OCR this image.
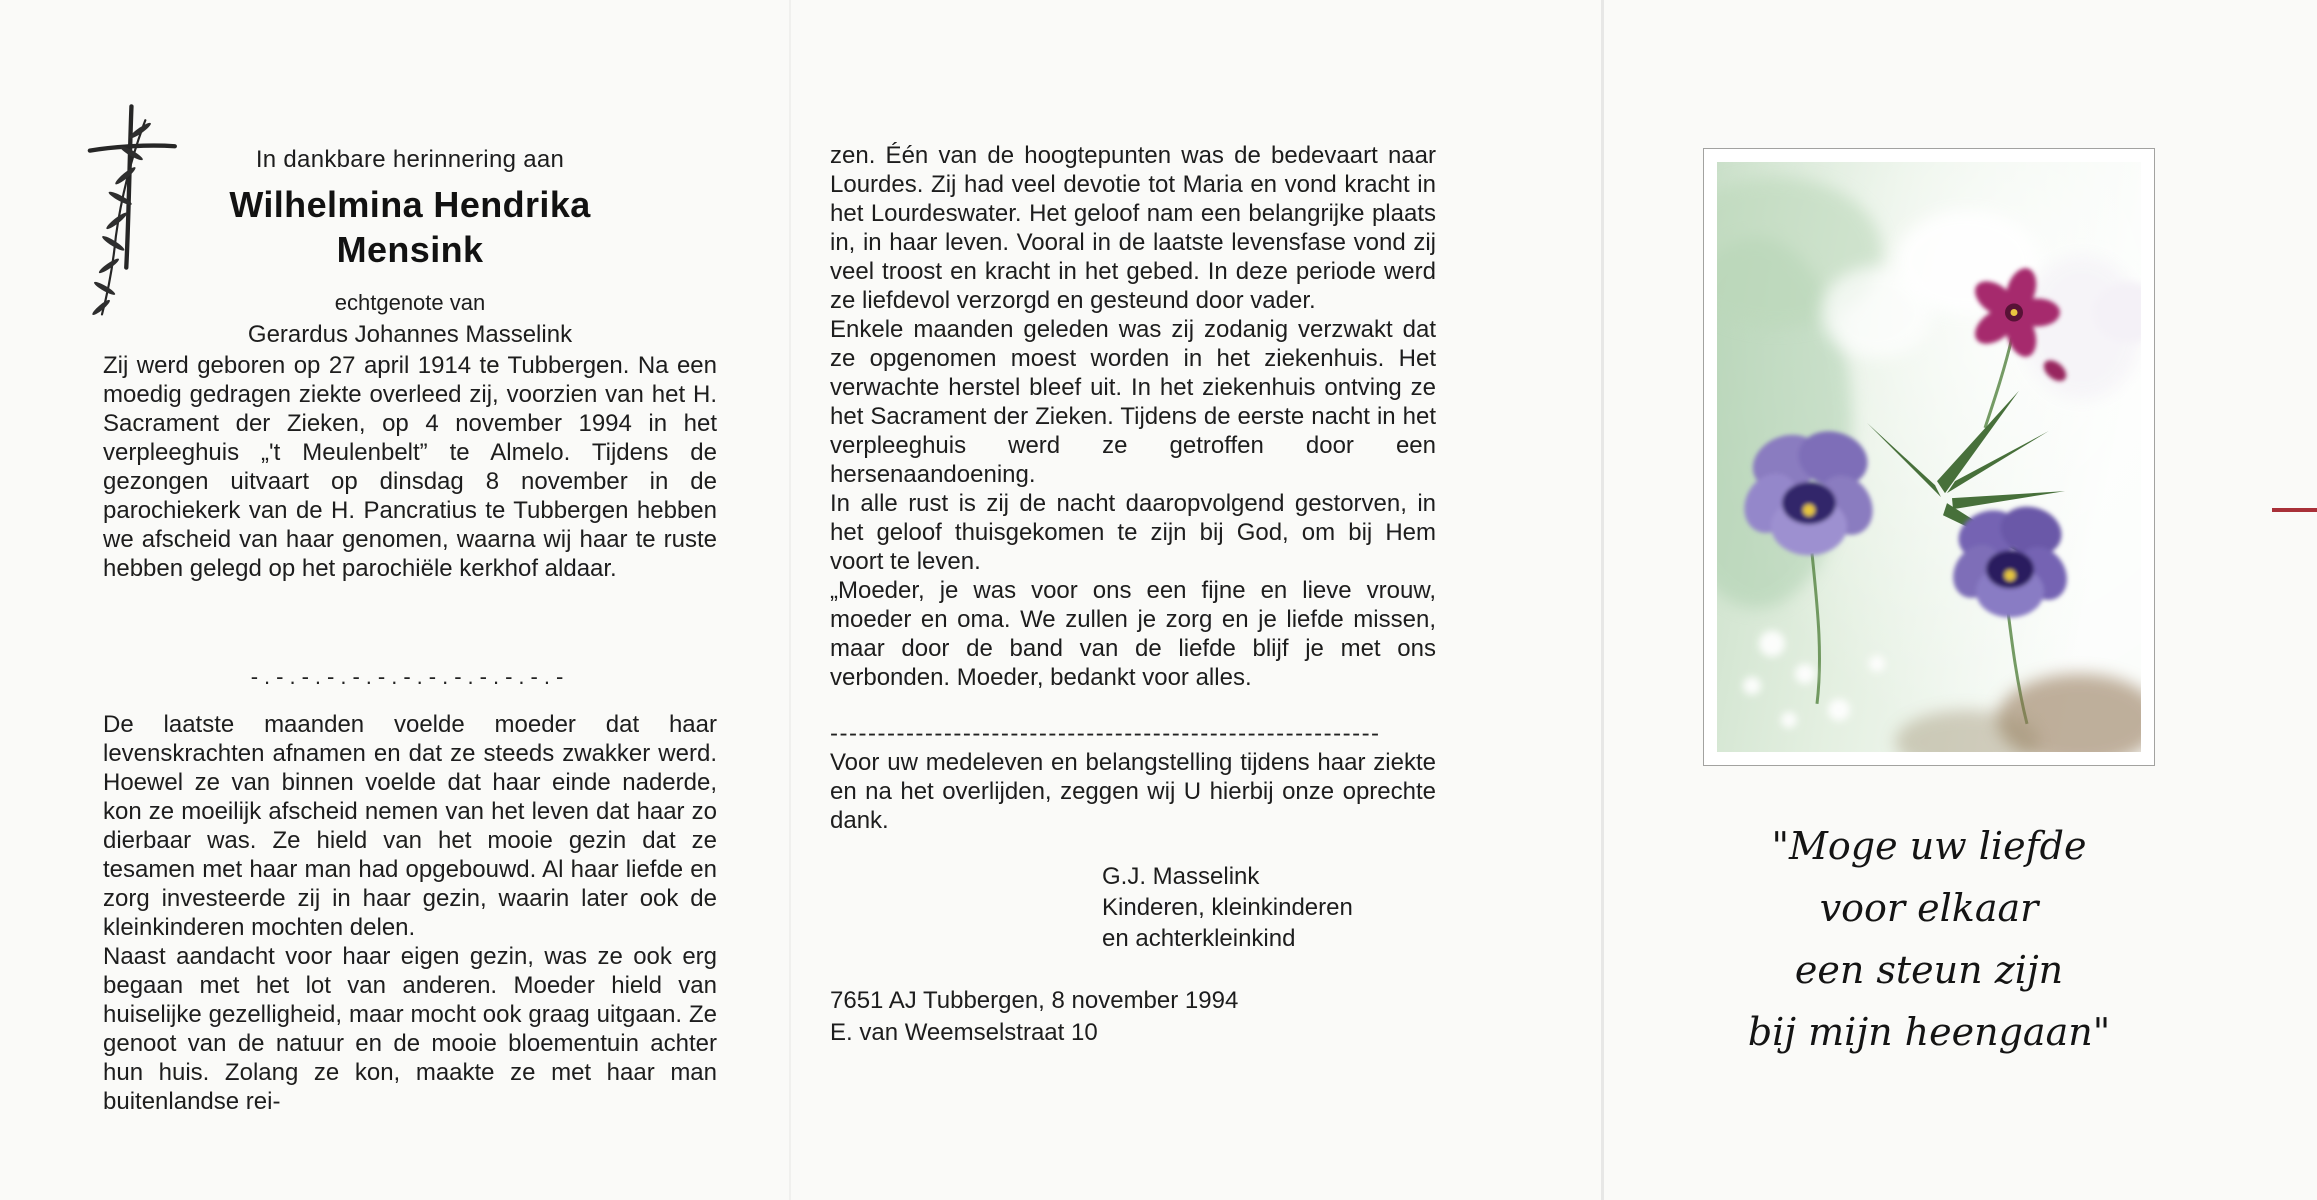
In dankbare herinnering aan
Wilhelmina Hendrika
Mensink
echtgenote van
Gerardus Johannes Masselink
Zij werd geboren op 27 april 1914 te Tubbergen. Na een moedig gedragen ziekte overleed zij, voorzien van het H. Sacrament der Zieken, op 4 november 1994 in het verpleeghuis „'t Meulenbelt” te Almelo. Tijdens de gezongen uitvaart op dinsdag 8 november in de parochiekerk van de H. Pancratius te Tubbergen hebben we afscheid van haar genomen, waarna wij haar te ruste hebben gelegd op het parochiële kerkhof aldaar.
-.-.-.-.-.-.-.-.-.-.-.-.-

De laatste maanden voelde moeder dat haar levenskrachten afnamen en dat ze steeds zwakker werd. Hoewel ze van binnen voelde dat haar einde naderde, kon ze moeilijk afscheid nemen van het leven dat haar zo dierbaar was. Ze hield van het mooie gezin dat ze tesamen met haar man had opgebouwd. Al haar liefde en zorg investeerde zij in haar gezin, waarin later ook de kleinkinderen mochten delen.

Naast aandacht voor haar eigen gezin, was ze ook erg begaan met het lot van anderen. Moeder hield van huiselijke gezelligheid, maar mocht ook graag uitgaan. Ze genoot van de natuur en de mooie bloementuin achter hun huis. Zolang ze kon, maakte ze met haar man buitenlandse rei-

zen. Één van de hoogtepunten was de bedevaart naar Lourdes. Zij had veel devotie tot Maria en vond kracht in het Lourdeswater. Het geloof nam een belangrijke plaats in, in haar leven. Vooral in de laatste levensfase vond zij veel troost en kracht in het gebed. In deze periode werd ze liefdevol verzorgd en gesteund door vader.

Enkele maanden geleden was zij zodanig verzwakt dat ze opgenomen moest worden in het ziekenhuis. Het verwachte herstel bleef uit. In het ziekenhuis ontving ze het Sacrament der Zieken. Tijdens de eerste nacht in het verpleeghuis werd ze getroffen door een hersenaandoening.

In alle rust is zij de nacht daaropvolgend gestorven, in het geloof thuisgekomen te zijn bij God, om bij Hem voort te leven.

„Moeder, je was voor ons een fijne en lieve vrouw, moeder en oma. We zullen je zorg en je liefde missen, maar door de band van de liefde blijf je met ons verbonden. Moeder, bedankt voor alles.

----------------------------------------------------------

Voor uw medeleven en belangstelling tijdens haar ziekte en na het overlijden, zeggen wij U hierbij onze oprechte dank.

G.J. Masselink
Kinderen, kleinkinderen
en achterkleinkind
7651 AJ Tubbergen, 8 november 1994
E. van Weemselstraat 10
"Moge uw liefde
voor elkaar
een steun zijn
bij mijn heengaan"
